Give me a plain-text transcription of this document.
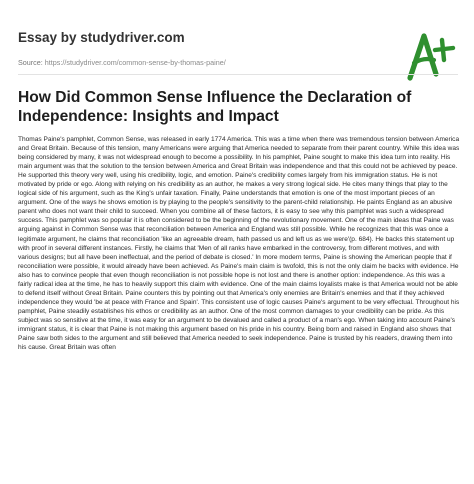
Essay by studydriver.com
Source: https://studydriver.com/common-sense-by-thomas-paine/
How Did Common Sense Influence the Declaration of Independence: Insights and Impact

Thomas Paine's pamphlet, Common Sense, was released in early 1774 America. This was a time when there was tremendous tension between America and Great Britain. Because of this tension, many Americans were arguing that America needed to separate from their parent country. While this idea was being considered by many, it was not widespread enough to become a possibility. In his pamphlet, Paine sought to make this idea turn into reality. His main argument was that the solution to the tension between America and Great Britain was independence and that this could not be achieved by peace. He supported this theory very well, using his credibility, logic, and emotion. Paine's credibility comes largely from his immigration status. He is not motivated by pride or ego. Along with relying on his credibility as an author, he makes a very strong logical side. He cites many things that play to the logical side of his argument, such as the King's unfair taxation. Finally, Paine understands that emotion is one of the most important pieces of an argument. One of the ways he shows emotion is by playing to the people's sensitivity to the parent-child relationship. He paints England as an abusive parent who does not want their child to succeed. When you combine all of these factors, it is easy to see why this pamphlet was such a widespread success. This pamphlet was so popular it is often considered to be the beginning of the revolutionary movement. One of the main ideas that Paine was arguing against in Common Sense was that reconciliation between America and England was still possible. While he recognizes that this was once a legitimate argument, he claims that reconciliation 'like an agreeable dream, hath passed us and left us as we were'(p. 684). He backs this statement up with proof in several different instances. Firstly, he claims that 'Men of all ranks have embarked in the controversy, from different motives, and with various designs; but all have been ineffectual, and the period of debate is closed.' In more modern terms, Paine is showing the American people that if reconciliation were possible, it would already have been achieved. As Paine's main claim is twofold, this is not the only claim he backs with evidence. He also has to convince people that even though reconciliation is not possible hope is not lost and there is another option: independence. As this was a fairly radical idea at the time, he has to heavily support this claim with evidence. One of the main claims loyalists make is that America would not be able to defend itself without Great Britain. Paine counters this by pointing out that America's only enemies are Britain's enemies and that if they achieved independence they would 'be at peace with France and Spain'. This consistent use of logic causes Paine's argument to be very effectual. Throughout his pamphlet, Paine steadily establishes his ethos or credibility as an author. One of the most common damages to your credibility can be pride. As this subject was so sensitive at the time, it was easy for an argument to be devalued and called a product of a man's ego. When taking into account Paine's immigrant status, it is clear that Paine is not making this argument based on his pride in his country. Being born and raised in England also shows that Paine saw both sides to the argument and still believed that America needed to seek independence. Paine is trusted by his readers, drawing them into his cause. Great Britain was often
